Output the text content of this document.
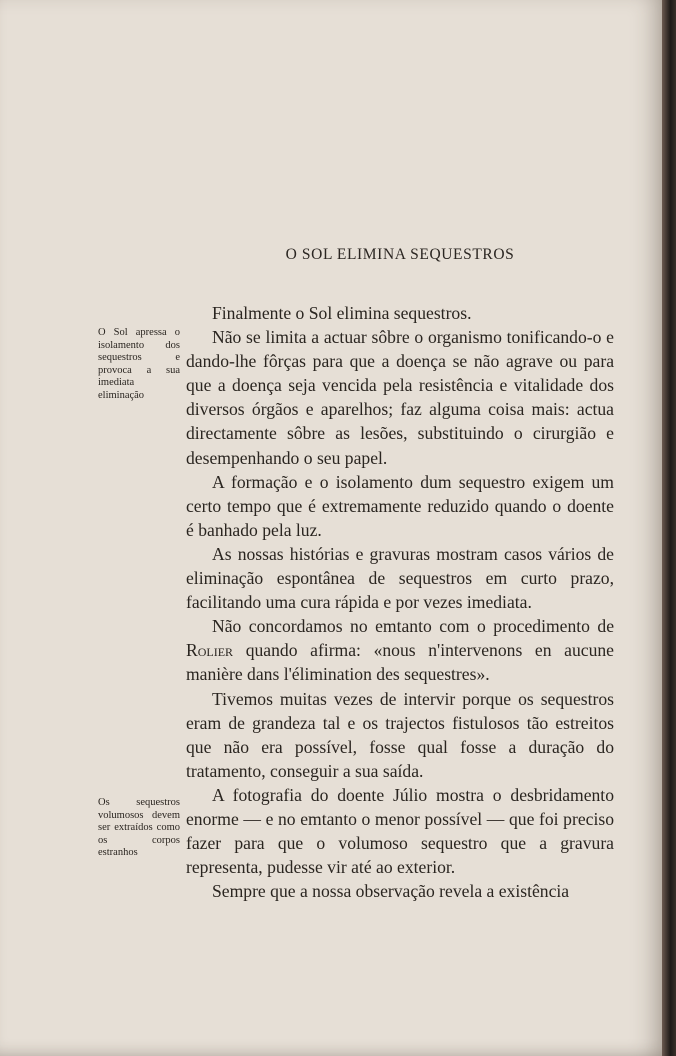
O SOL ELIMINA SEQUESTROS
O Sol apressa o isolamento dos sequestros e provoca a sua imediata eliminação
Os sequestros volumosos devem ser extraídos como os corpos estranhos

Finalmente o Sol elimina sequestros.

Não se limita a actuar sôbre o organismo tonificando-o e dando-lhe fôrças para que a doença se não agrave ou para que a doença seja vencida pela resistência e vitalidade dos diversos órgãos e aparelhos; faz alguma coisa mais: actua directamente sôbre as lesões, substituindo o cirurgião e desempenhando o seu papel.

A formação e o isolamento dum sequestro exigem um certo tempo que é extremamente reduzido quando o doente é banhado pela luz.

As nossas histórias e gravuras mostram casos vários de eliminação espontânea de sequestros em curto prazo, facilitando uma cura rápida e por vezes imediata.

Não concordamos no emtanto com o procedimento de Rolier quando afirma: «nous n'intervenons en aucune manière dans l'élimination des sequestres».

Tivemos muitas vezes de intervir porque os sequestros eram de grandeza tal e os trajectos fistulosos tão estreitos que não era possível, fosse qual fosse a duração do tratamento, conseguir a sua saída.

A fotografia do doente Júlio mostra o desbridamento enorme — e no emtanto o menor possível — que foi preciso fazer para que o volumoso sequestro que a gravura representa, pudesse vir até ao exterior.

Sempre que a nossa observação revela a existência
